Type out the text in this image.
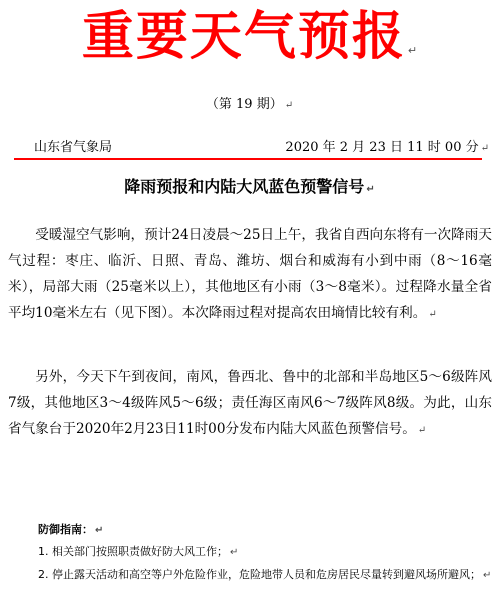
重要天气预报 ↵
（第 19 期） ↵
山东省气象局	2020 年 2 月 23 日 11 时 00 分 ↵
降雨预报和内陆大风蓝色预警信号 ↵
受暖湿空气影响，预计24日凌晨～25日上午，我省自西向东将有一次降雨天气过程：枣庄、临沂、日照、青岛、潍坊、烟台和威海有小到中雨（8～16毫米），局部大雨（25毫米以上），其他地区有小雨（3～8毫米）。过程降水量全省平均10毫米左右（见下图）。本次降雨过程对提高农田墒情比较有利。 ↵
另外，今天下午到夜间，南风，鲁西北、鲁中的北部和半岛地区5～6级阵风7级，其他地区3～4级阵风5～6级；责任海区南风6～7级阵风8级。为此，山东省气象台于2020年2月23日11时00分发布内陆大风蓝色预警信号。 ↵
防御指南： ↵
1. 相关部门按照职责做好防大风工作； ↵
2. 停止露天活动和高空等户外危险作业，危险地带人员和危房居民尽量转到避风场所避风； ↵
